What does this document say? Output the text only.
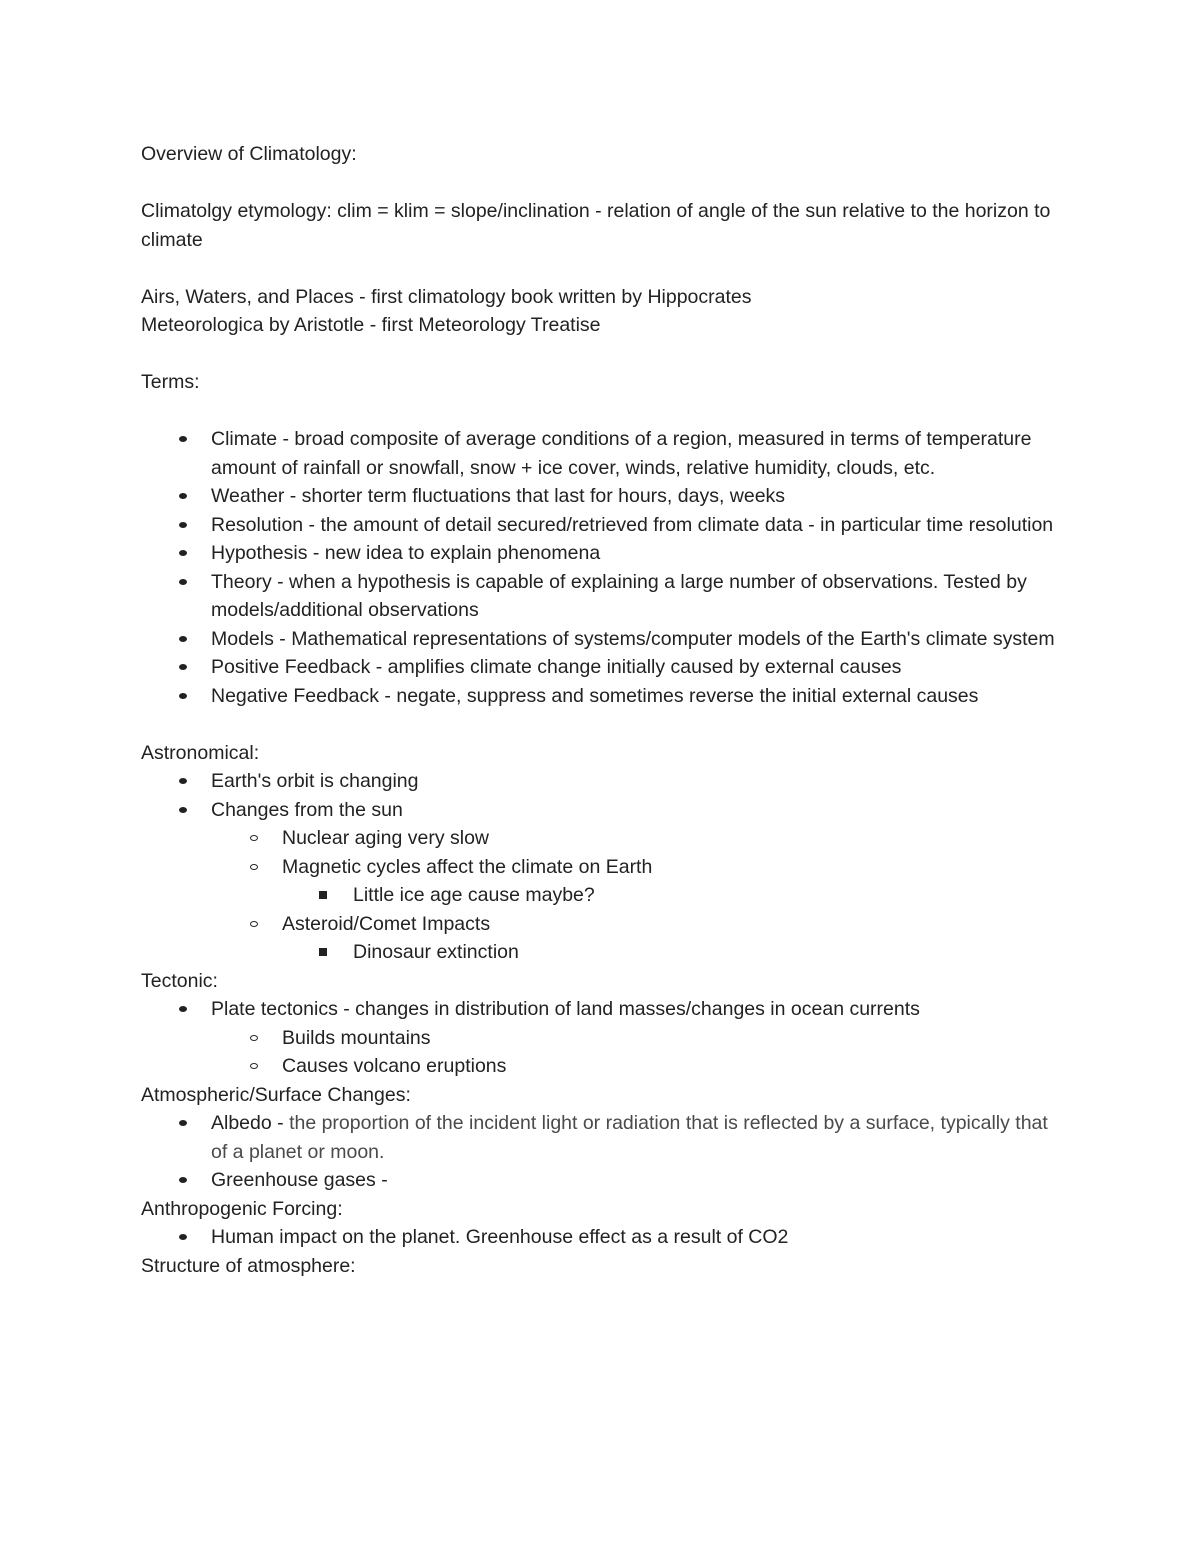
Overview of Climatology:

Climatolgy etymology: clim = klim = slope/inclination - relation of angle of the sun relative to the horizon to climate

Airs, Waters, and Places - first climatology book written by Hippocrates

Meteorologica by Aristotle - first Meteorology Treatise

Terms:

Climate - broad composite of average conditions of a region, measured in terms of temperature amount of rainfall or snowfall, snow + ice cover, winds, relative humidity, clouds, etc.
Weather - shorter term fluctuations that last for hours, days, weeks
Resolution - the amount of detail secured/retrieved from climate data - in particular time resolution
Hypothesis - new idea to explain phenomena
Theory - when a hypothesis is capable of explaining a large number of observations. Tested by models/additional observations
Models - Mathematical representations of systems/computer models of the Earth's climate system
Positive Feedback - amplifies climate change initially caused by external causes
Negative Feedback - negate, suppress and sometimes reverse the initial external causes

Astronomical:

Earth's orbit is changing
Changes from the sun
Nuclear aging very slow
Magnetic cycles affect the climate on Earth
Little ice age cause maybe?
Asteroid/Comet Impacts
Dinosaur extinction

Tectonic:

Plate tectonics - changes in distribution of land masses/changes in ocean currents
Builds mountains
Causes volcano eruptions

Atmospheric/Surface Changes:

Albedo - the proportion of the incident light or radiation that is reflected by a surface, typically that of a planet or moon.
Greenhouse gases -

Anthropogenic Forcing:

Human impact on the planet. Greenhouse effect as a result of CO2

Structure of atmosphere:
